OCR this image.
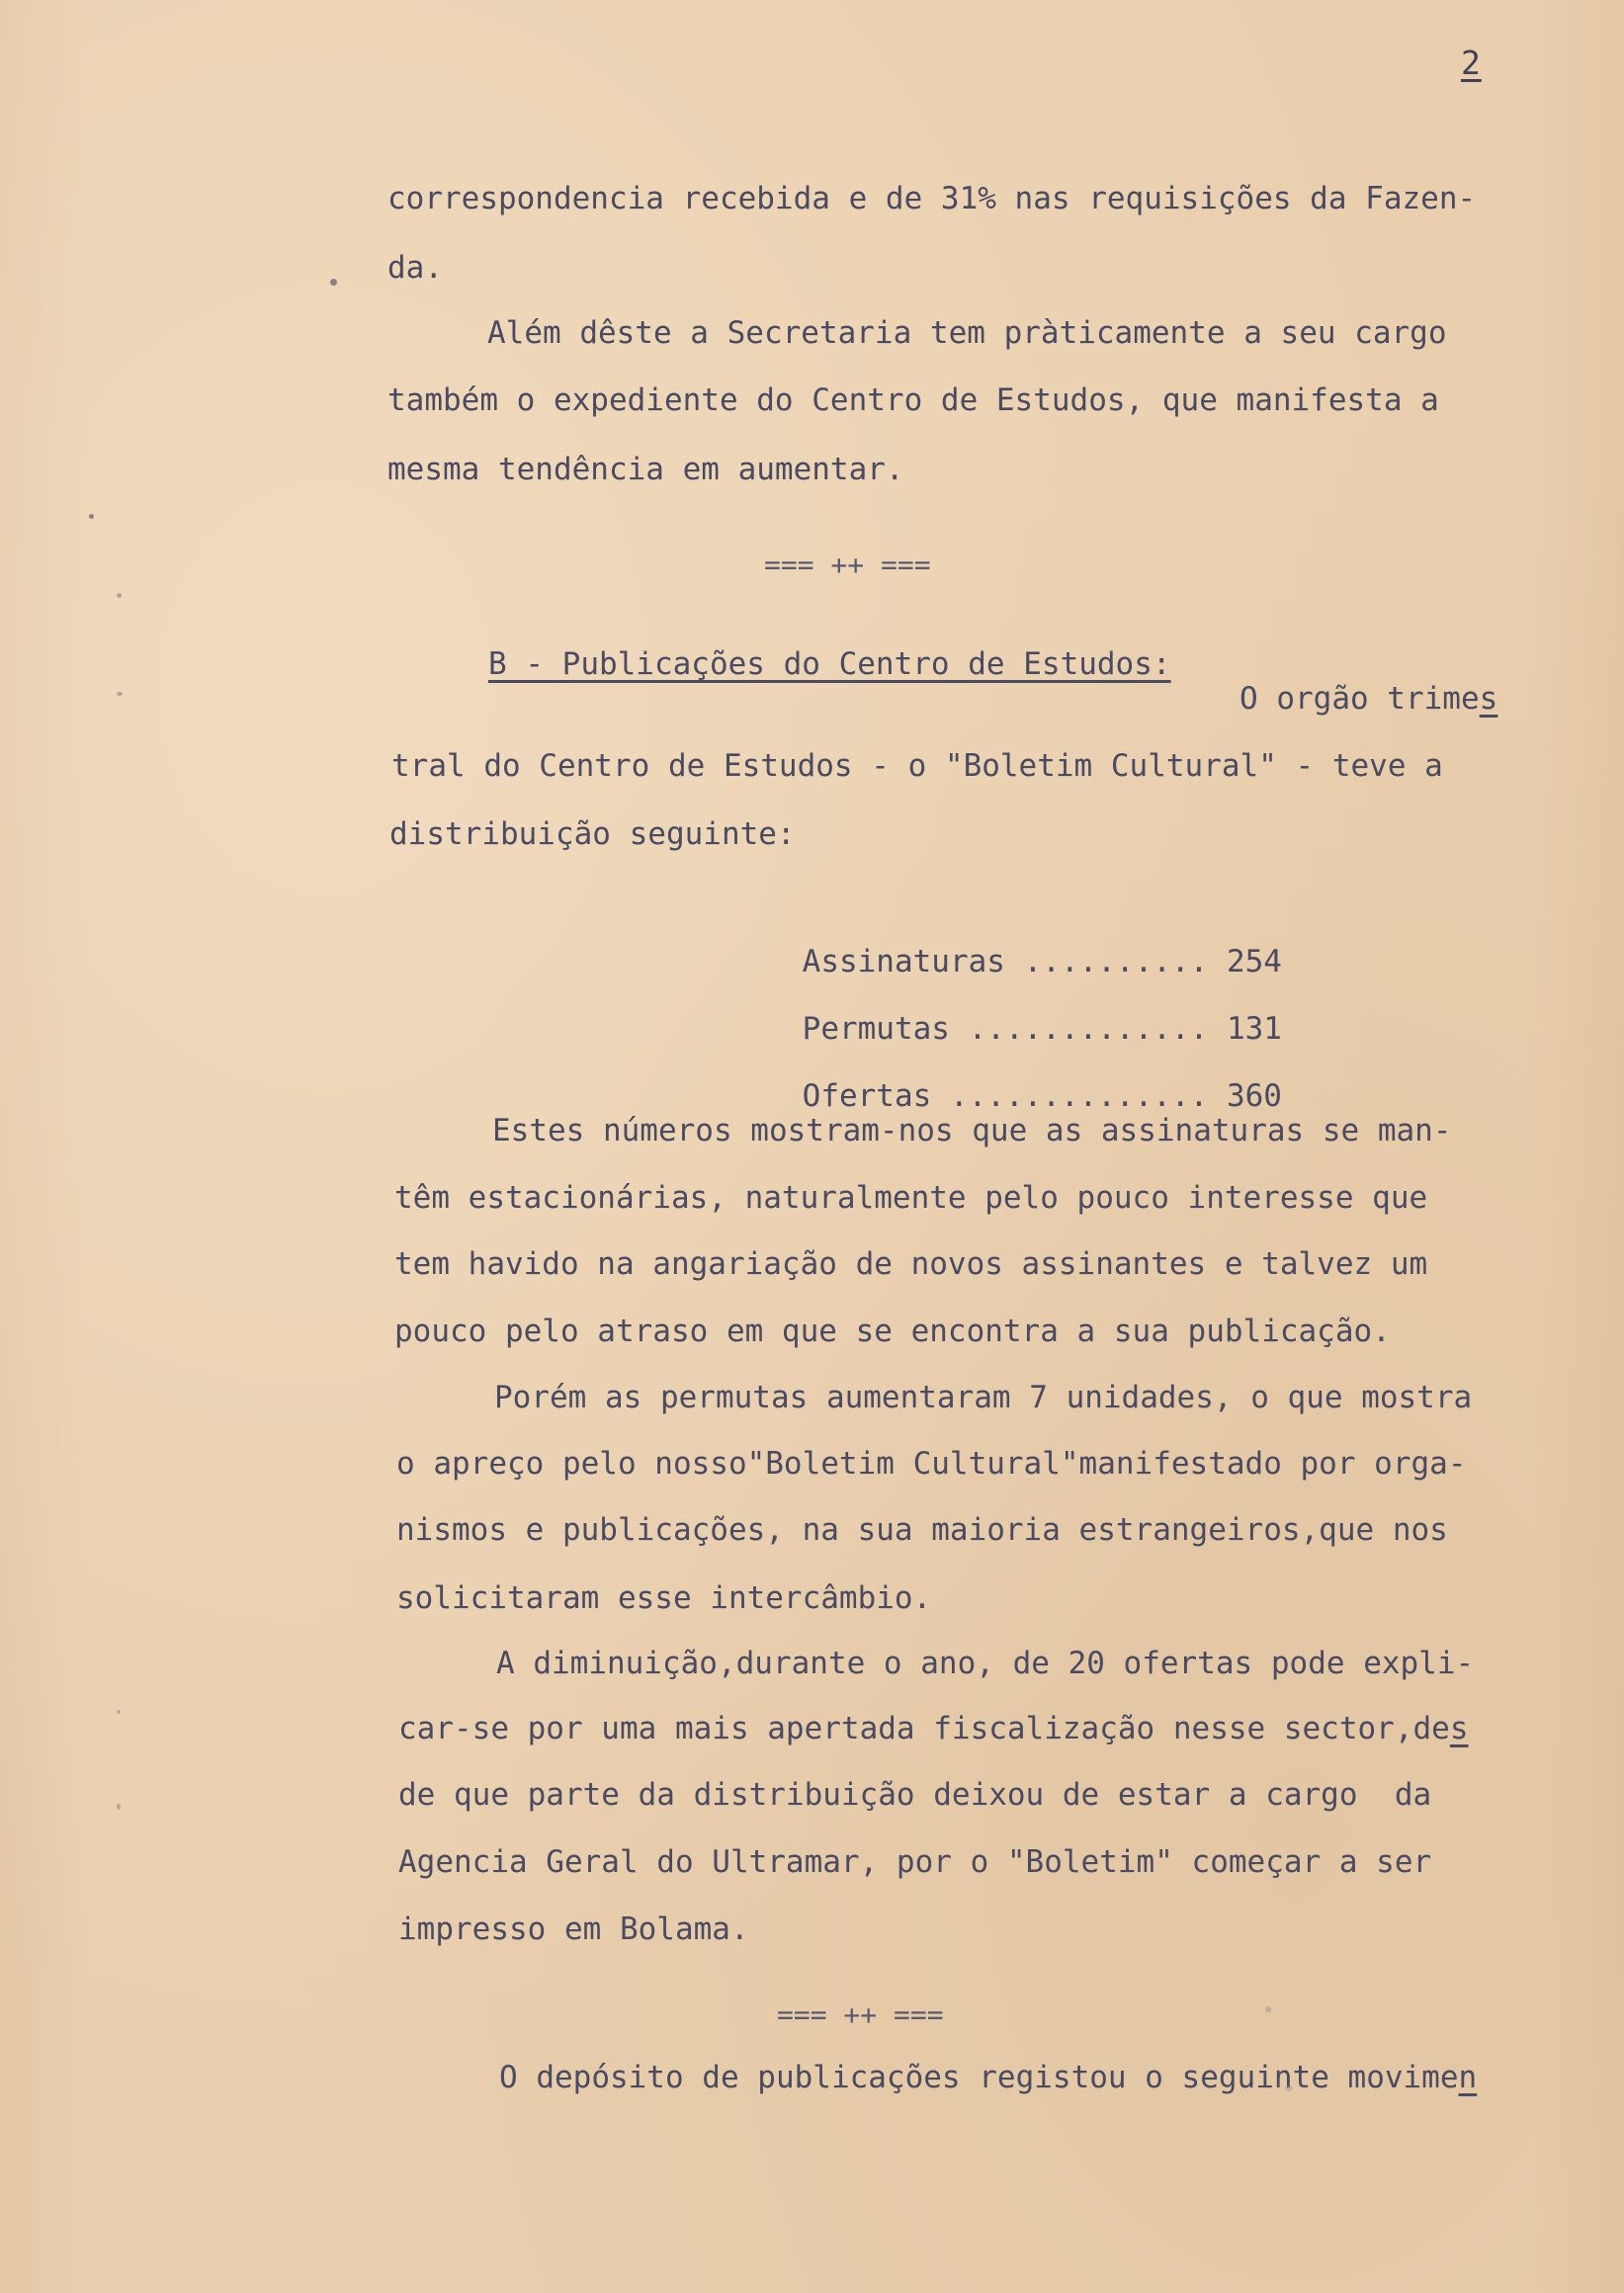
2
correspondencia recebida e de 31% nas requisições da Fazen-
da.
Além dêste a Secretaria tem pràticamente a seu cargo
também o expediente do Centro de Estudos, que manifesta a
mesma tendência em aumentar.
=== ++ ===
B - Publicações do Centro de Estudos:
O orgão trimes
tral do Centro de Estudos - o "Boletim Cultural" - teve a
distribuição seguinte:

Assinaturas .......... 254

Permutas ............. 131

Ofertas .............. 360

Estes números mostram-nos que as assinaturas se man-
têm estacionárias, naturalmente pelo pouco interesse que
tem havido na angariação de novos assinantes e talvez um
pouco pelo atraso em que se encontra a sua publicação.
Porém as permutas aumentaram 7 unidades, o que mostra
o apreço pelo nosso"Boletim Cultural"manifestado por orga-
nismos e publicações, na sua maioria estrangeiros,que nos
solicitaram esse intercâmbio.
A diminuição,durante o ano, de 20 ofertas pode expli-
car-se por uma mais apertada fiscalização nesse sector,des
de que parte da distribuição deixou de estar a cargo  da
Agencia Geral do Ultramar, por o "Boletim" começar a ser
impresso em Bolama.
=== ++ ===
O depósito de publicações registou o seguinte movimen
